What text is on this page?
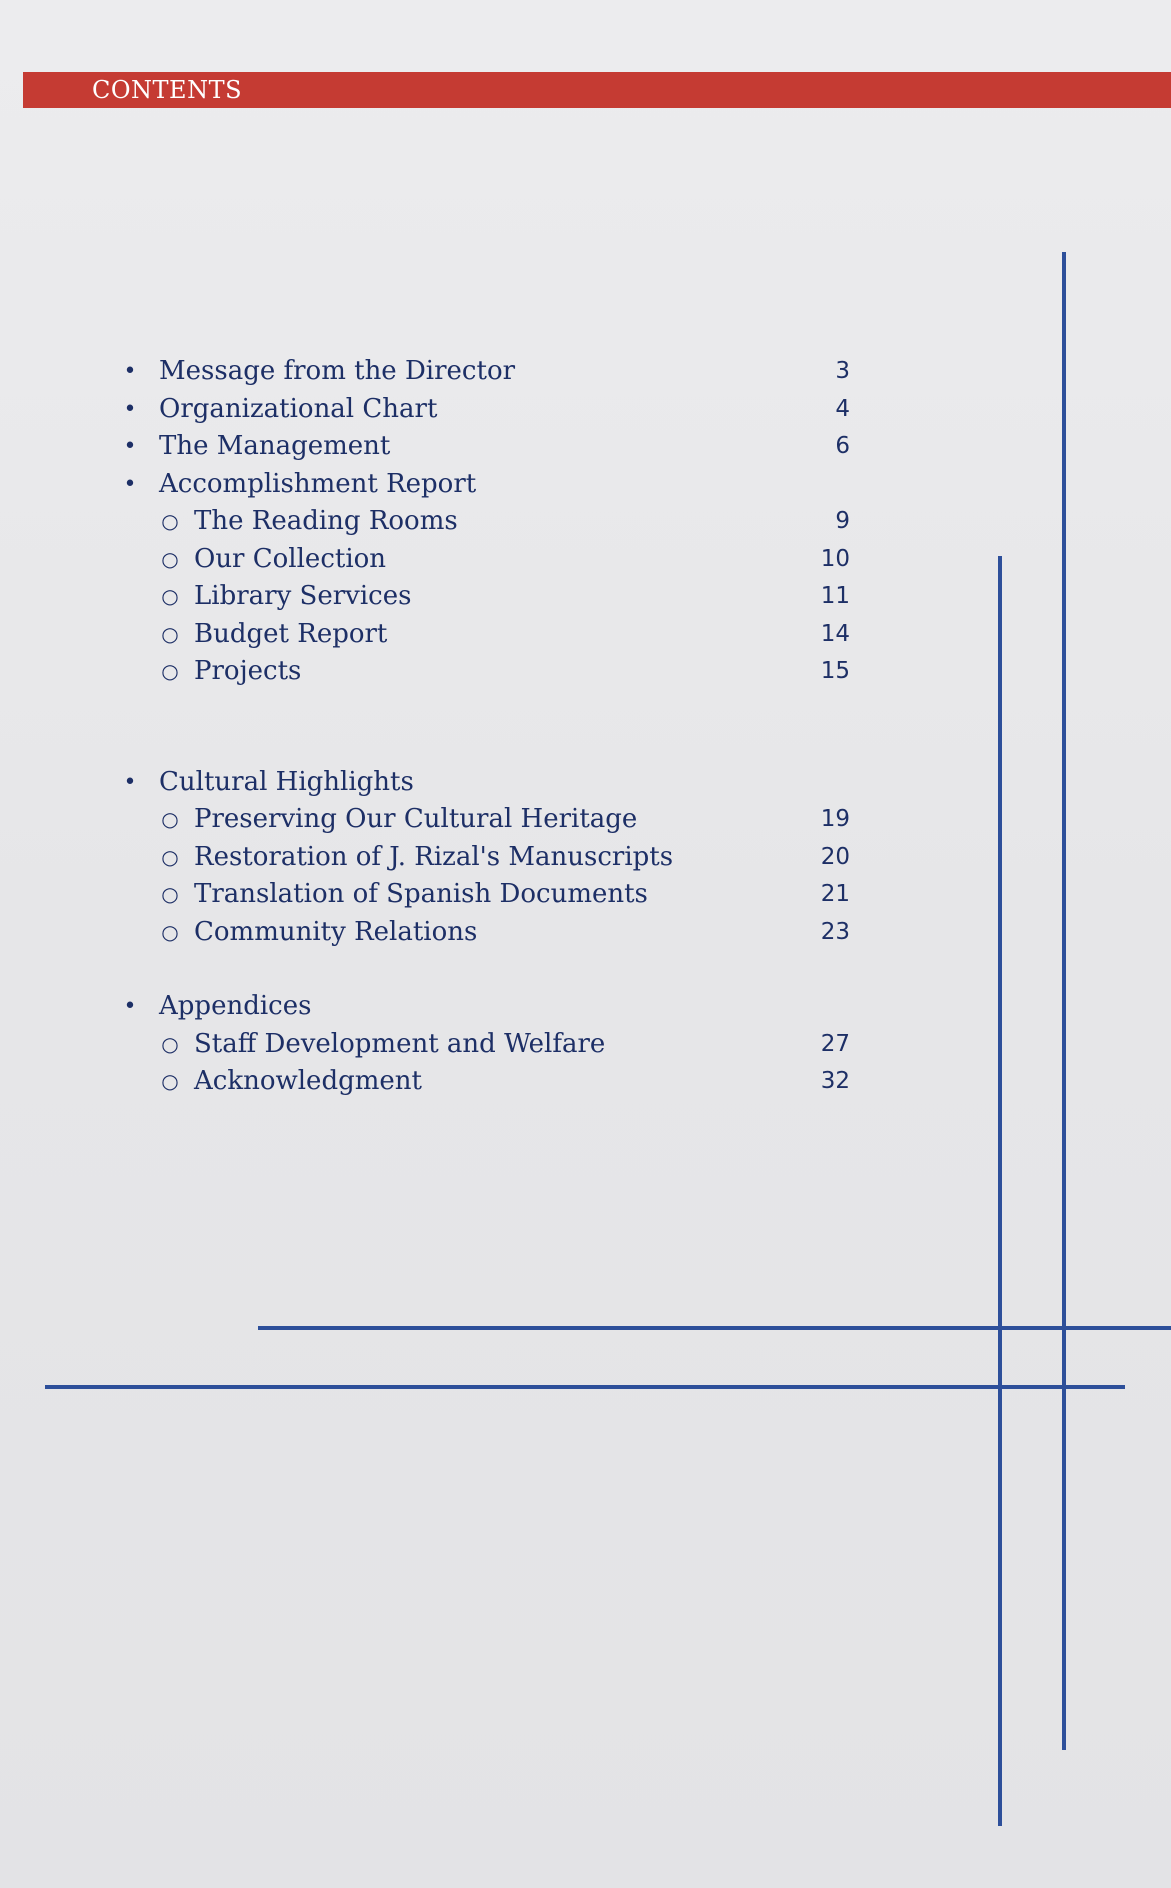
CONTENTS
• Message from the Director	3
• Organizational Chart	4
• The Management	6
• Accomplishment Report
○ The Reading Rooms	9
○ Our Collection	10
○ Library Services	11
○ Budget Report	14
○ Projects	15
• Cultural Highlights
○ Preserving Our Cultural Heritage	19
○ Restoration of J. Rizal's Manuscripts	20
○ Translation of Spanish Documents	21
○ Community Relations	23
• Appendices
○ Staff Development and Welfare	27
○ Acknowledgment	32
